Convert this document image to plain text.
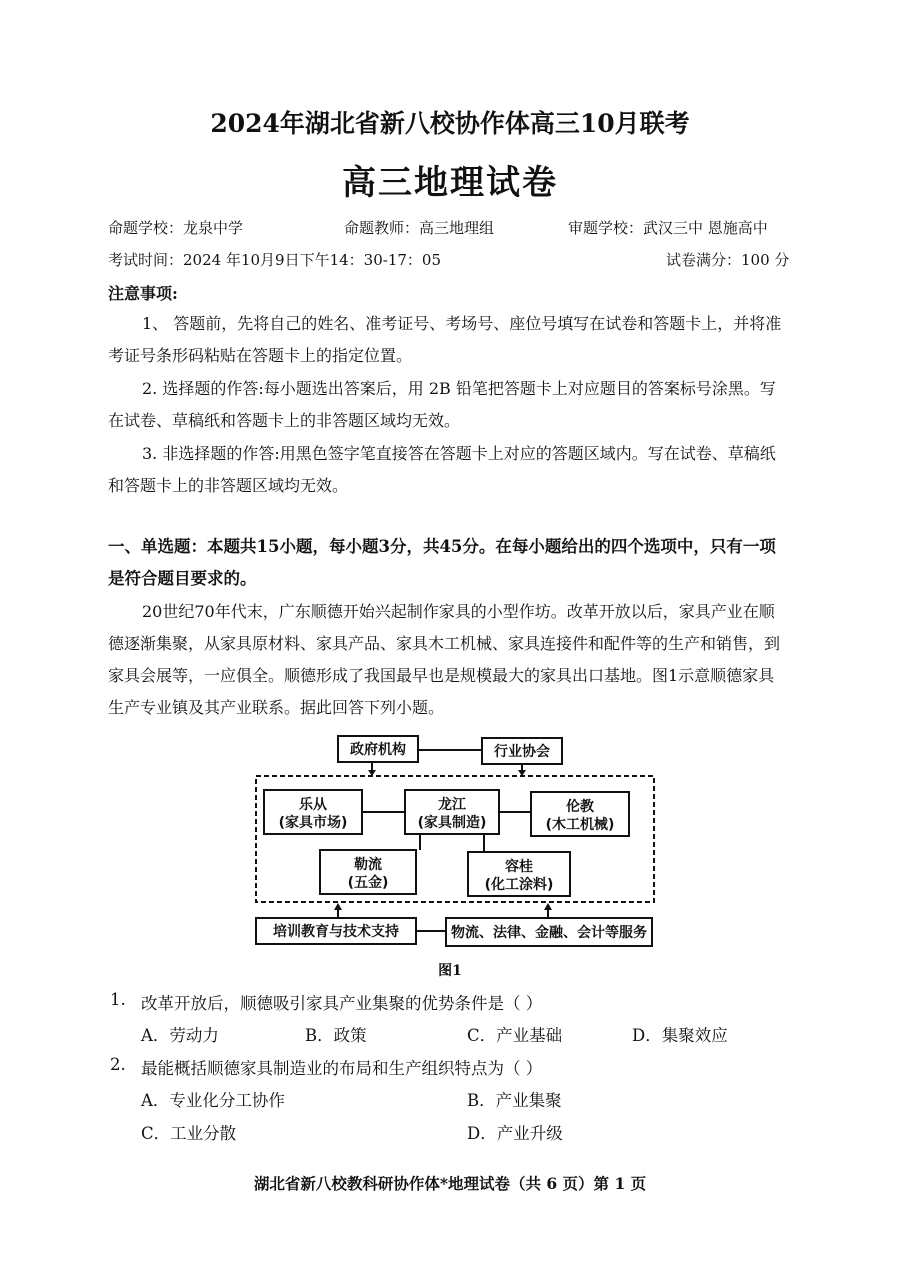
2024年湖北省新八校协作体高三10月联考
高三地理试卷
命题学校：龙泉中学	命题教师：高三地理组	审题学校：武汉三中 恩施高中
考试时间：2024 年10月9日下午14：30-17：05	试卷满分：100 分
注意事项:
1、 答题前，先将自己的姓名、准考证号、考场号、座位号填写在试卷和答题卡上，并将准考证号条形码粘贴在答题卡上的指定位置。
2. 选择题的作答:每小题选出答案后，用 2B 铅笔把答题卡上对应题目的答案标号涂黑。写在试卷、草稿纸和答题卡上的非答题区域均无效。
3. 非选择题的作答:用黑色签字笔直接答在答题卡上对应的答题区域内。写在试卷、草稿纸和答题卡上的非答题区域均无效。
一、单选题：本题共15小题，每小题3分，共45分。在每小题给出的四个选项中，只有一项是符合题目要求的。
20世纪70年代末，广东顺德开始兴起制作家具的小型作坊。改革开放以后，家具产业在顺德逐渐集聚，从家具原材料、家具产品、家具木工机械、家具连接件和配件等的生产和销售，到家具会展等，一应俱全。顺德形成了我国最早也是规模最大的家具出口基地。图1示意顺德家具生产专业镇及其产业联系。据此回答下列小题。
政府机构	行业协会
乐从
(家具市场)
龙江
(家具制造)
伦教
(木工机械)
勒流
(五金)
容桂
(化工涂料)
培训教育与技术支持	物流、法律、金融、会计等服务
图1
1. 改革开放后，顺德吸引家具产业集聚的优势条件是（ ）
A．劳动力	B．政策	C．产业基础	D．集聚效应
2. 最能概括顺德家具制造业的布局和生产组织特点为（ ）
A．专业化分工协作	B．产业集聚
C．工业分散	D．产业升级
湖北省新八校教科研协作体*地理试卷（共 6 页）第 1 页
